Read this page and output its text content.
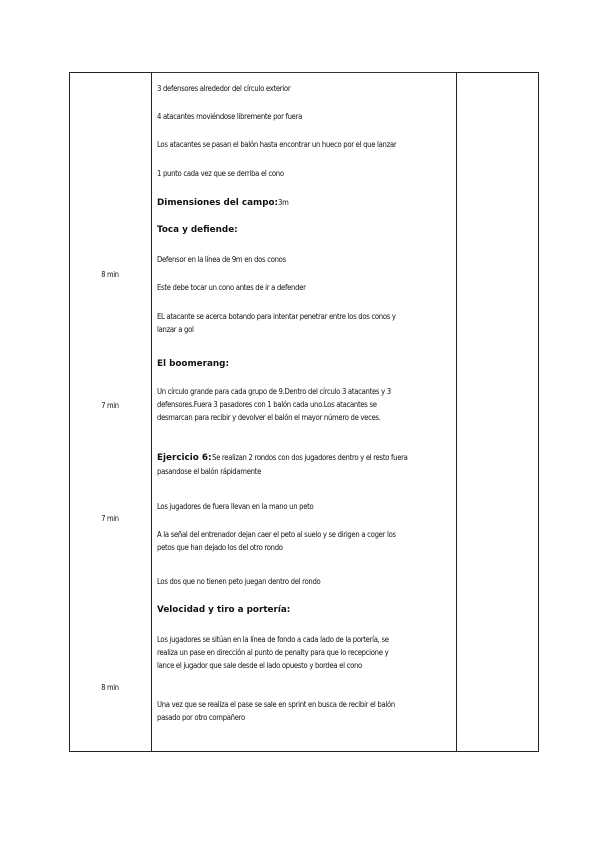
8 min
7 min
7 min
8 min
3 defensores alrededor del círculo exterior
4 atacantes moviéndose libremente por fuera
Los atacantes se pasan el balón hasta encontrar un hueco por el que lanzar
1 punto cada vez que se derriba el cono
Dimensiones del campo:3m
Toca y defiende:
Defensor en la línea de 9m en dos conos
Este debe tocar un cono antes de ir a defender
EL atacante se acerca botando para intentar penetrar entre los dos conos y
lanzar a gol
El boomerang:
Un círculo grande para cada grupo de 9.Dentro del círculo 3 atacantes y 3
defensores.Fuera 3 pasadores con 1 balón cada uno.Los atacantes se
desmarcan para recibir y devolver el balón el mayor número de veces.
Ejercicio 6:Se realizan 2 rondos con dos jugadores dentro y el resto fuera
pasandose el balón rápidamente
Los jugadores de fuera llevan en la mano un peto
A la señal del entrenador dejan caer el peto al suelo y se dirigen a coger los
petos que han dejado los del otro rondo
Los dos que no tienen peto juegan dentro del rondo
Velocidad y tiro a portería:
Los jugadores se sitúan en la línea de fondo a cada lado de la portería, se
realiza un pase en dirección al punto de penalty para que lo recepcione y
lance el jugador que sale desde el lado opuesto y bordea el cono
Una vez que se realiza el pase se sale en sprint en busca de recibir el balón
pasado por otro compañero
